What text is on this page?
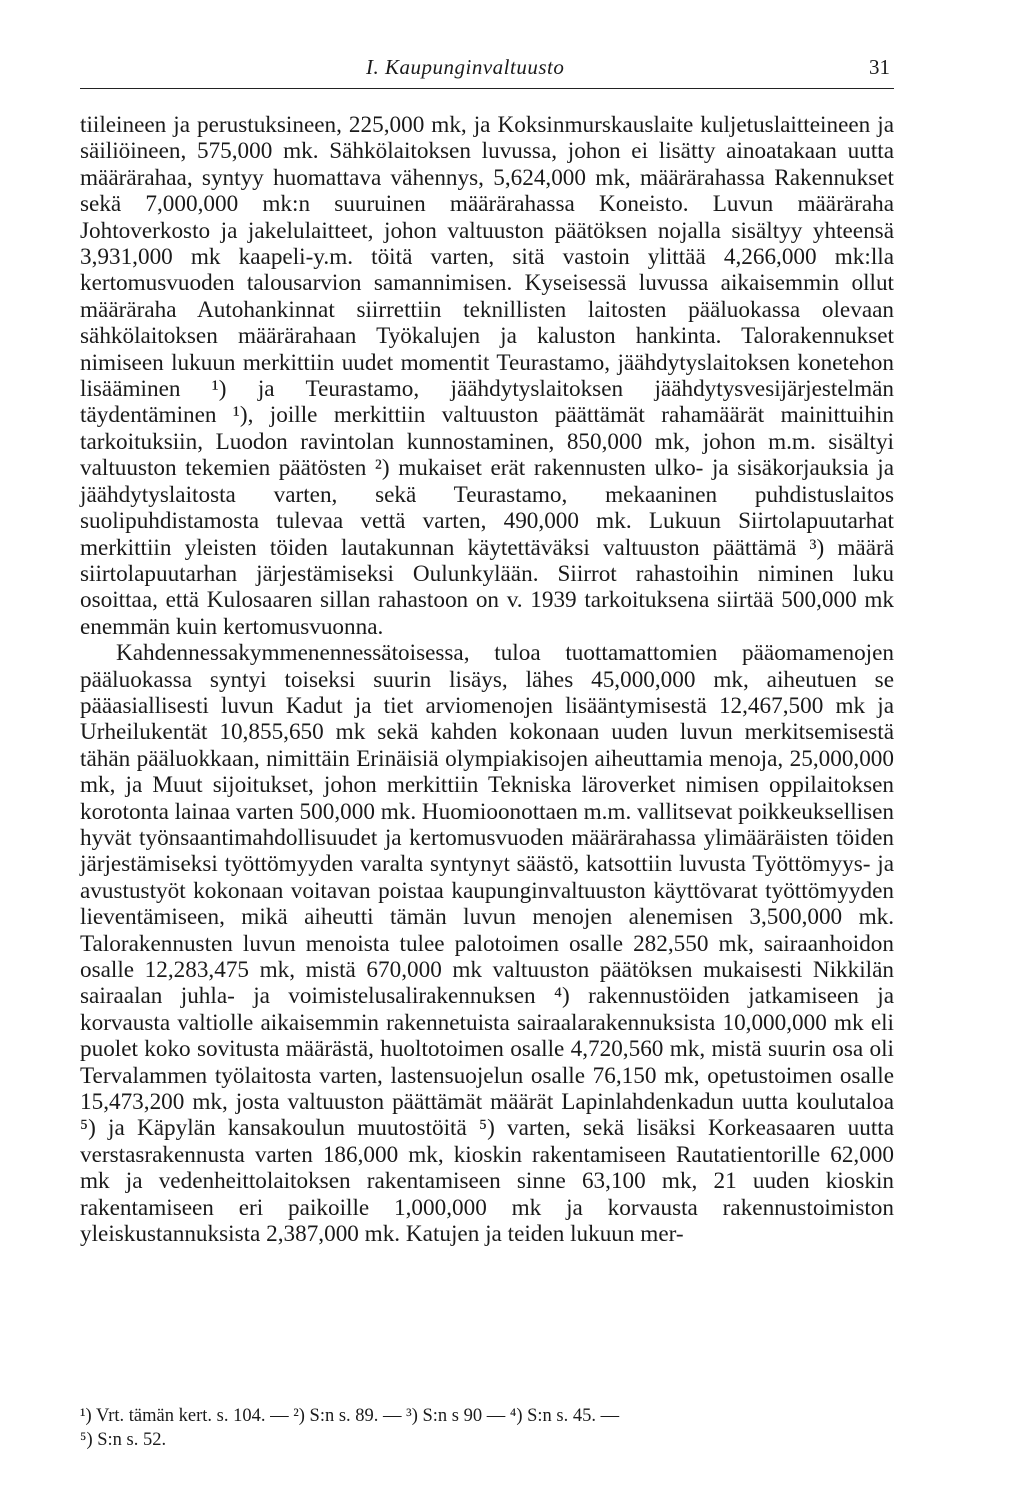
I. Kaupunginvaltuusto	31

tiileineen ja perustuksineen, 225,000 mk, ja Koksinmurskauslaite kuljetuslaitteineen ja säiliöineen, 575,000 mk. Sähkölaitoksen luvussa, johon ei lisätty ainoatakaan uutta määrärahaa, syntyy huomattava vähennys, 5,624,000 mk, määrärahassa Rakennukset sekä 7,000,000 mk:n suuruinen määrärahassa Koneisto. Luvun määräraha Johtoverkosto ja jakelulaitteet, johon valtuuston päätöksen nojalla sisältyy yhteensä 3,931,000 mk kaapeli-y.m. töitä varten, sitä vastoin ylittää 4,266,000 mk:lla kertomusvuoden talousarvion samannimisen. Kyseisessä luvussa aikaisemmin ollut määräraha Autohankinnat siirrettiin teknillisten laitosten pääluokassa olevaan sähkölaitoksen määrärahaan Työkalujen ja kaluston hankinta. Talorakennukset nimiseen lukuun merkittiin uudet momentit Teurastamo, jäähdytyslaitoksen konetehon lisääminen ¹) ja Teurastamo, jäähdytyslaitoksen jäähdytysvesijärjestelmän täydentäminen ¹), joille merkittiin valtuuston päättämät rahamäärät mainittuihin tarkoituksiin, Luodon ravintolan kunnostaminen, 850,000 mk, johon m.m. sisältyi valtuuston tekemien päätösten ²) mukaiset erät rakennusten ulko- ja sisäkorjauksia ja jäähdytyslaitosta varten, sekä Teurastamo, mekaaninen puhdistuslaitos suolipuhdistamosta tulevaa vettä varten, 490,000 mk. Lukuun Siirtolapuutarhat merkittiin yleisten töiden lautakunnan käytettäväksi valtuuston päättämä ³) määrä siirtolapuutarhan järjestämiseksi Oulunkylään. Siirrot rahastoihin niminen luku osoittaa, että Kulosaaren sillan rahastoon on v. 1939 tarkoituksena siirtää 500,000 mk enemmän kuin kertomusvuonna.

Kahdennessakymmenennessätoisessa, tuloa tuottamattomien pääomamenojen pääluokassa syntyi toiseksi suurin lisäys, lähes 45,000,000 mk, aiheutuen se pääasiallisesti luvun Kadut ja tiet arviomenojen lisääntymisestä 12,467,500 mk ja Urheilukentät 10,855,650 mk sekä kahden kokonaan uuden luvun merkitsemisestä tähän pääluokkaan, nimittäin Erinäisiä olympiakisojen aiheuttamia menoja, 25,000,000 mk, ja Muut sijoitukset, johon merkittiin Tekniska läroverket nimisen oppilaitoksen korotonta lainaa varten 500,000 mk. Huomioonottaen m.m. vallitsevat poikkeuksellisen hyvät työnsaantimahdollisuudet ja kertomusvuoden määrärahassa ylimääräisten töiden järjestämiseksi työttömyyden varalta syntynyt säästö, katsottiin luvusta Työttömyys- ja avustustyöt kokonaan voitavan poistaa kaupunginvaltuuston käyttövarat työttömyyden lieventämiseen, mikä aiheutti tämän luvun menojen alenemisen 3,500,000 mk. Talorakennusten luvun menoista tulee palotoimen osalle 282,550 mk, sairaanhoidon osalle 12,283,475 mk, mistä 670,000 mk valtuuston päätöksen mukaisesti Nikkilän sairaalan juhla- ja voimistelusalirakennuksen ⁴) rakennustöiden jatkamiseen ja korvausta valtiolle aikaisemmin rakennetuista sairaalarakennuksista 10,000,000 mk eli puolet koko sovitusta määrästä, huoltotoimen osalle 4,720,560 mk, mistä suurin osa oli Tervalammen työlaitosta varten, lastensuojelun osalle 76,150 mk, opetustoimen osalle 15,473,200 mk, josta valtuuston päättämät määrät Lapinlahdenkadun uutta koulutaloa ⁵) ja Käpylän kansakoulun muutostöitä ⁵) varten, sekä lisäksi Korkeasaaren uutta verstasrakennusta varten 186,000 mk, kioskin rakentamiseen Rautatientorille 62,000 mk ja vedenheittolaitoksen rakentamiseen sinne 63,100 mk, 21 uuden kioskin rakentamiseen eri paikoille 1,000,000 mk ja korvausta rakennustoimiston yleiskustannuksista 2,387,000 mk. Katujen ja teiden lukuun mer-

¹) Vrt. tämän kert. s. 104. — ²) S:n s. 89. — ³) S:n s 90 — ⁴) S:n s. 45. —

⁵) S:n s. 52.
